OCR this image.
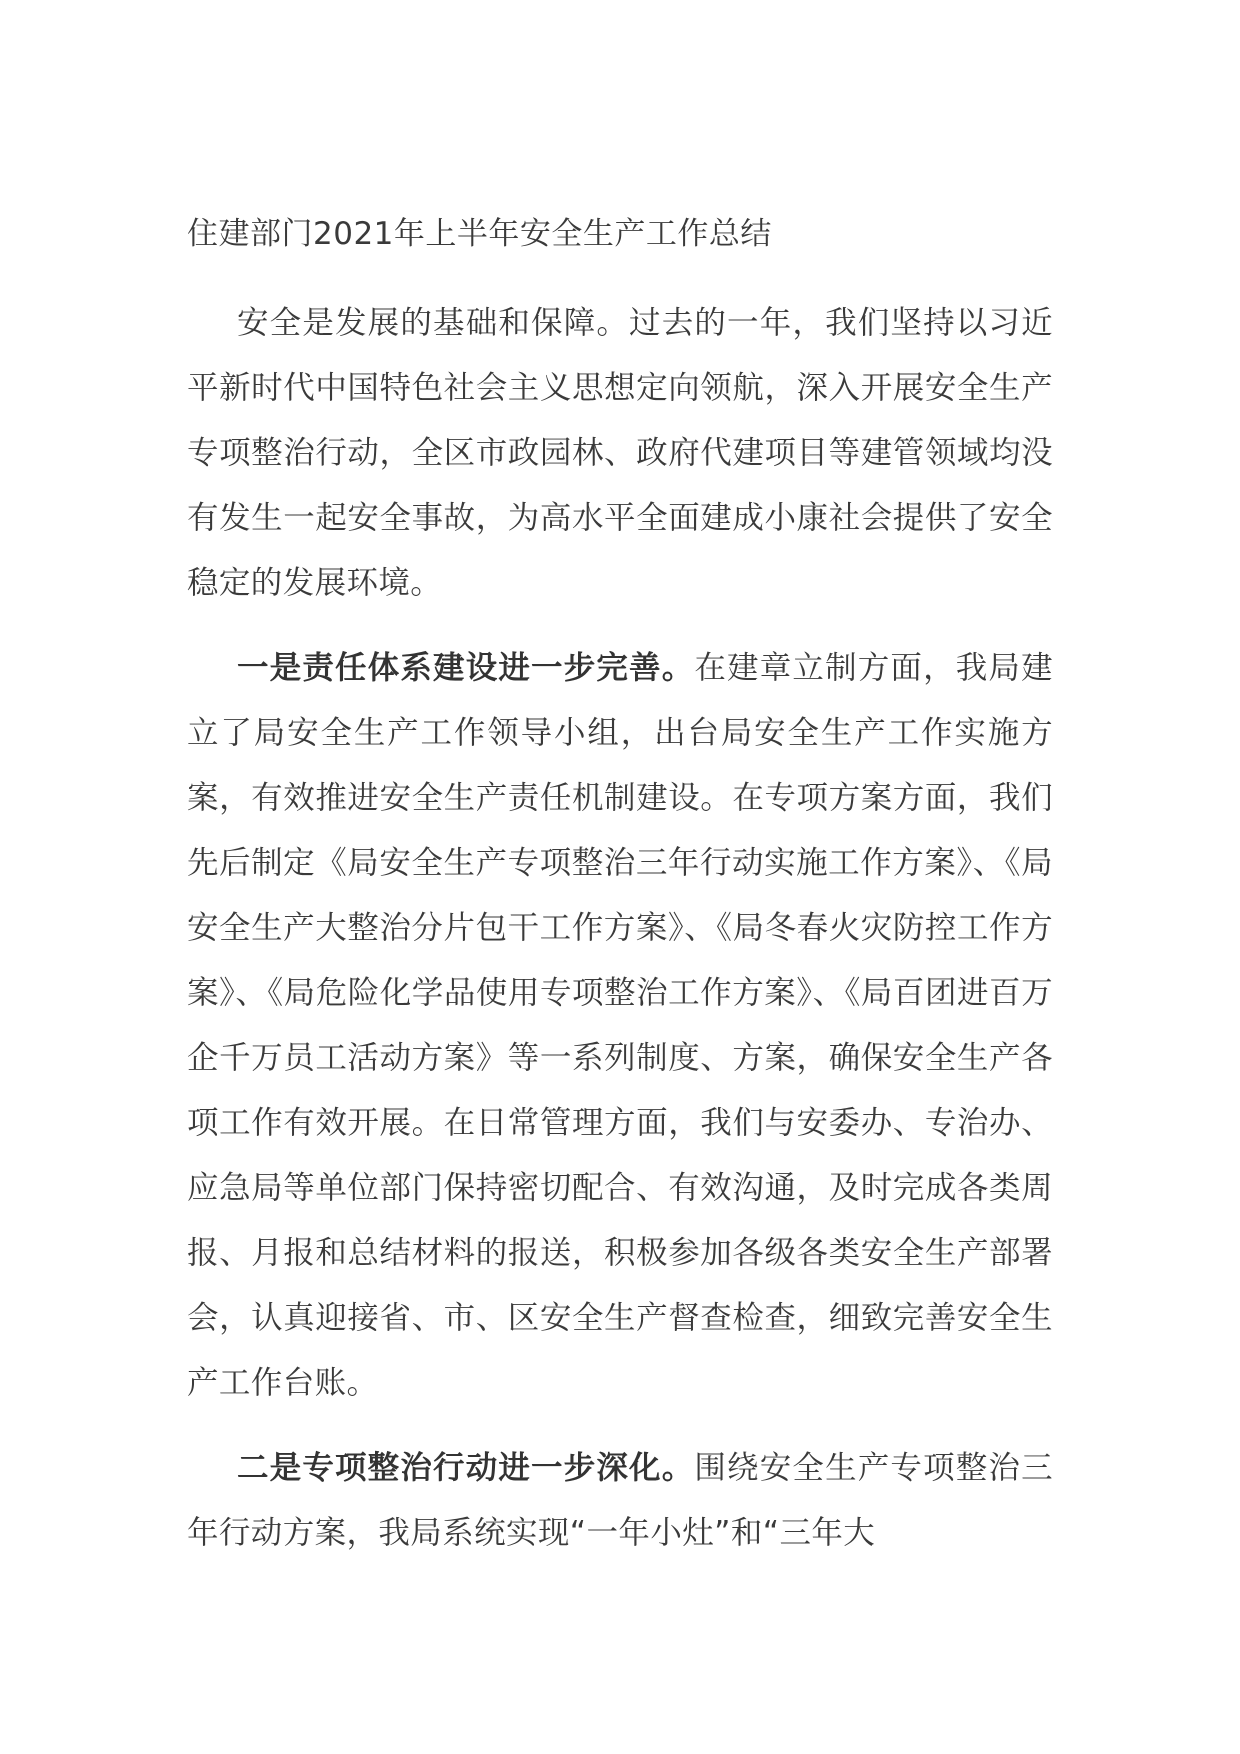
住建部门2021年上半年安全生产工作总结

安全是发展的基础和保障。过去的一年，我们坚持以习近平新时代中国特色社会主义思想定向领航，深入开展安全生产专项整治行动，全区市政园林、政府代建项目等建管领域均没有发生一起安全事故，为高水平全面建成小康社会提供了安全稳定的发展环境。

一是责任体系建设进一步完善。在建章立制方面，我局建立了局安全生产工作领导小组，出台局安全生产工作实施方案，有效推进安全生产责任机制建设。在专项方案方面，我们先后制定《局安全生产专项整治三年行动实施工作方案》、《局安全生产大整治分片包干工作方案》、《局冬春火灾防控工作方案》、《局危险化学品使用专项整治工作方案》、《局百团进百万企千万员工活动方案》等一系列制度、方案，确保安全生产各项工作有效开展。在日常管理方面，我们与安委办、专治办、应急局等单位部门保持密切配合、有效沟通，及时完成各类周报、月报和总结材料的报送，积极参加各级各类安全生产部署会，认真迎接省、市、区安全生产督查检查，细致完善安全生产工作台账。

二是专项整治行动进一步深化。围绕安全生产专项整治三年行动方案，我局系统实现“一年小灶”和“三年大
